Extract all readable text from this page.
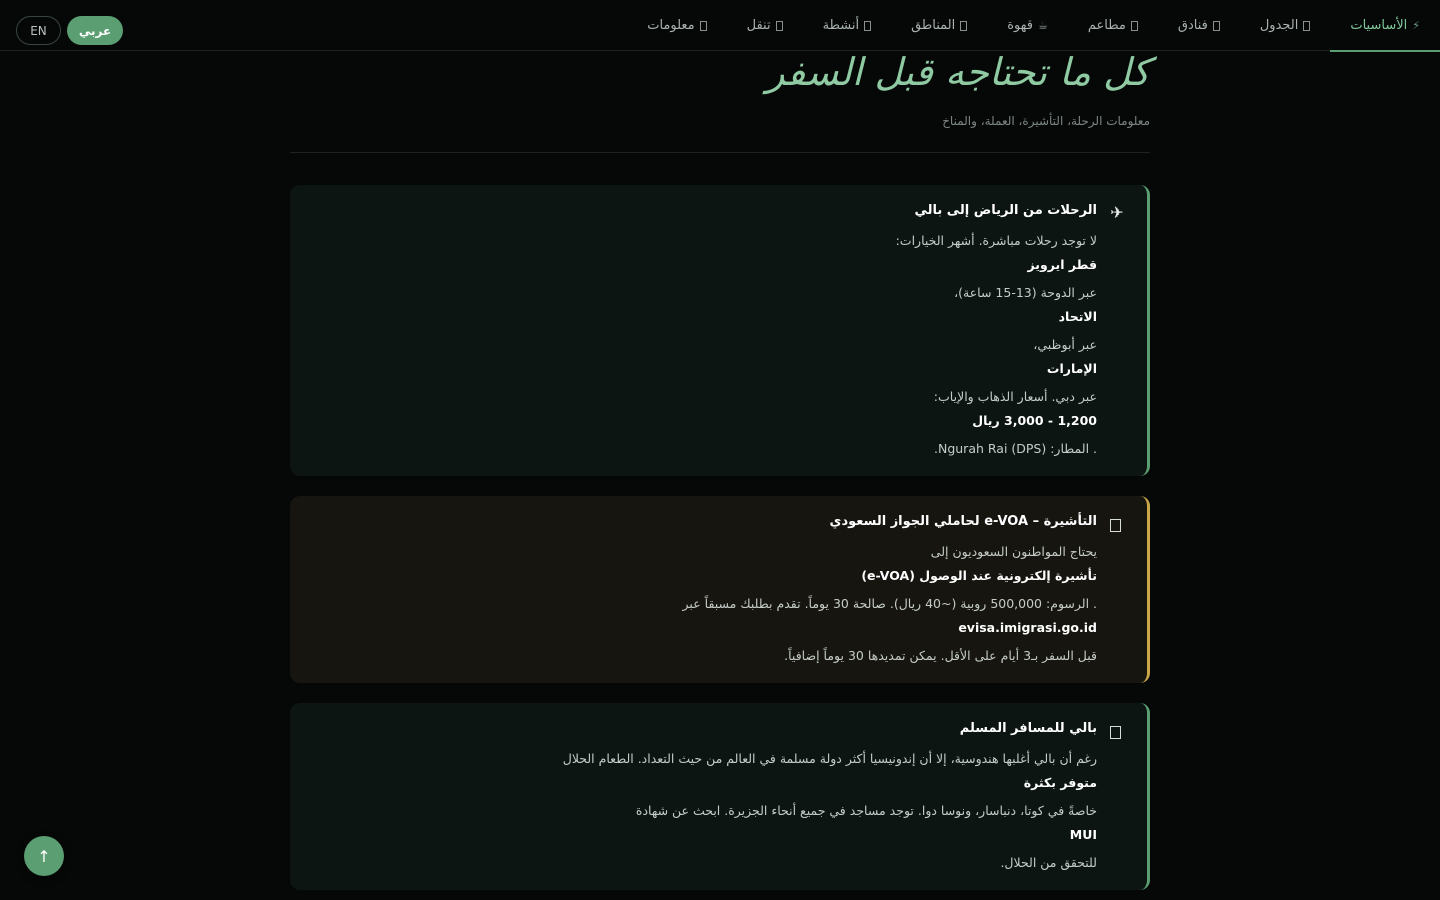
EN	عربي	⚡
الأساسيات
الجدول
فنادق
مطاعم
☕
قهوة
المناطق
أنشطة
تنقل
معلومات
كل ما تحتاجه قبل السفر
معلومات الرحلة، التأشيرة، العملة، والمناخ
✈
الرحلات من الرياض إلى بالي
لا توجد رحلات مباشرة. أشهر الخيارات:
قطر ايرويز
عبر الدوحة (13-15 ساعة)،
الاتحاد
عبر أبوظبي،
الإمارات
عبر دبي. أسعار الذهاب والإياب:
1,200 - 3,000 ريال
. المطار: Ngurah Rai (DPS).
التأشيرة – e-VOA لحاملي الجواز السعودي
يحتاج المواطنون السعوديون إلى
تأشيرة إلكترونية عند الوصول (e-VOA)
. الرسوم: 500,000 روبية (~40 ريال). صالحة 30 يوماً. تقدم بطلبك مسبقاً عبر
evisa.imigrasi.go.id
قبل السفر بـ3 أيام على الأقل. يمكن تمديدها 30 يوماً إضافياً.
بالي للمسافر المسلم
رغم أن بالي أغلبها هندوسية، إلا أن إندونيسيا أكثر دولة مسلمة في العالم من حيث التعداد. الطعام الحلال
متوفر بكثرة
خاصةً في كوتا، دنباسار، ونوسا دوا. توجد مساجد في جميع أنحاء الجزيرة. ابحث عن شهادة
MUI
للتحقق من الحلال.
↑
